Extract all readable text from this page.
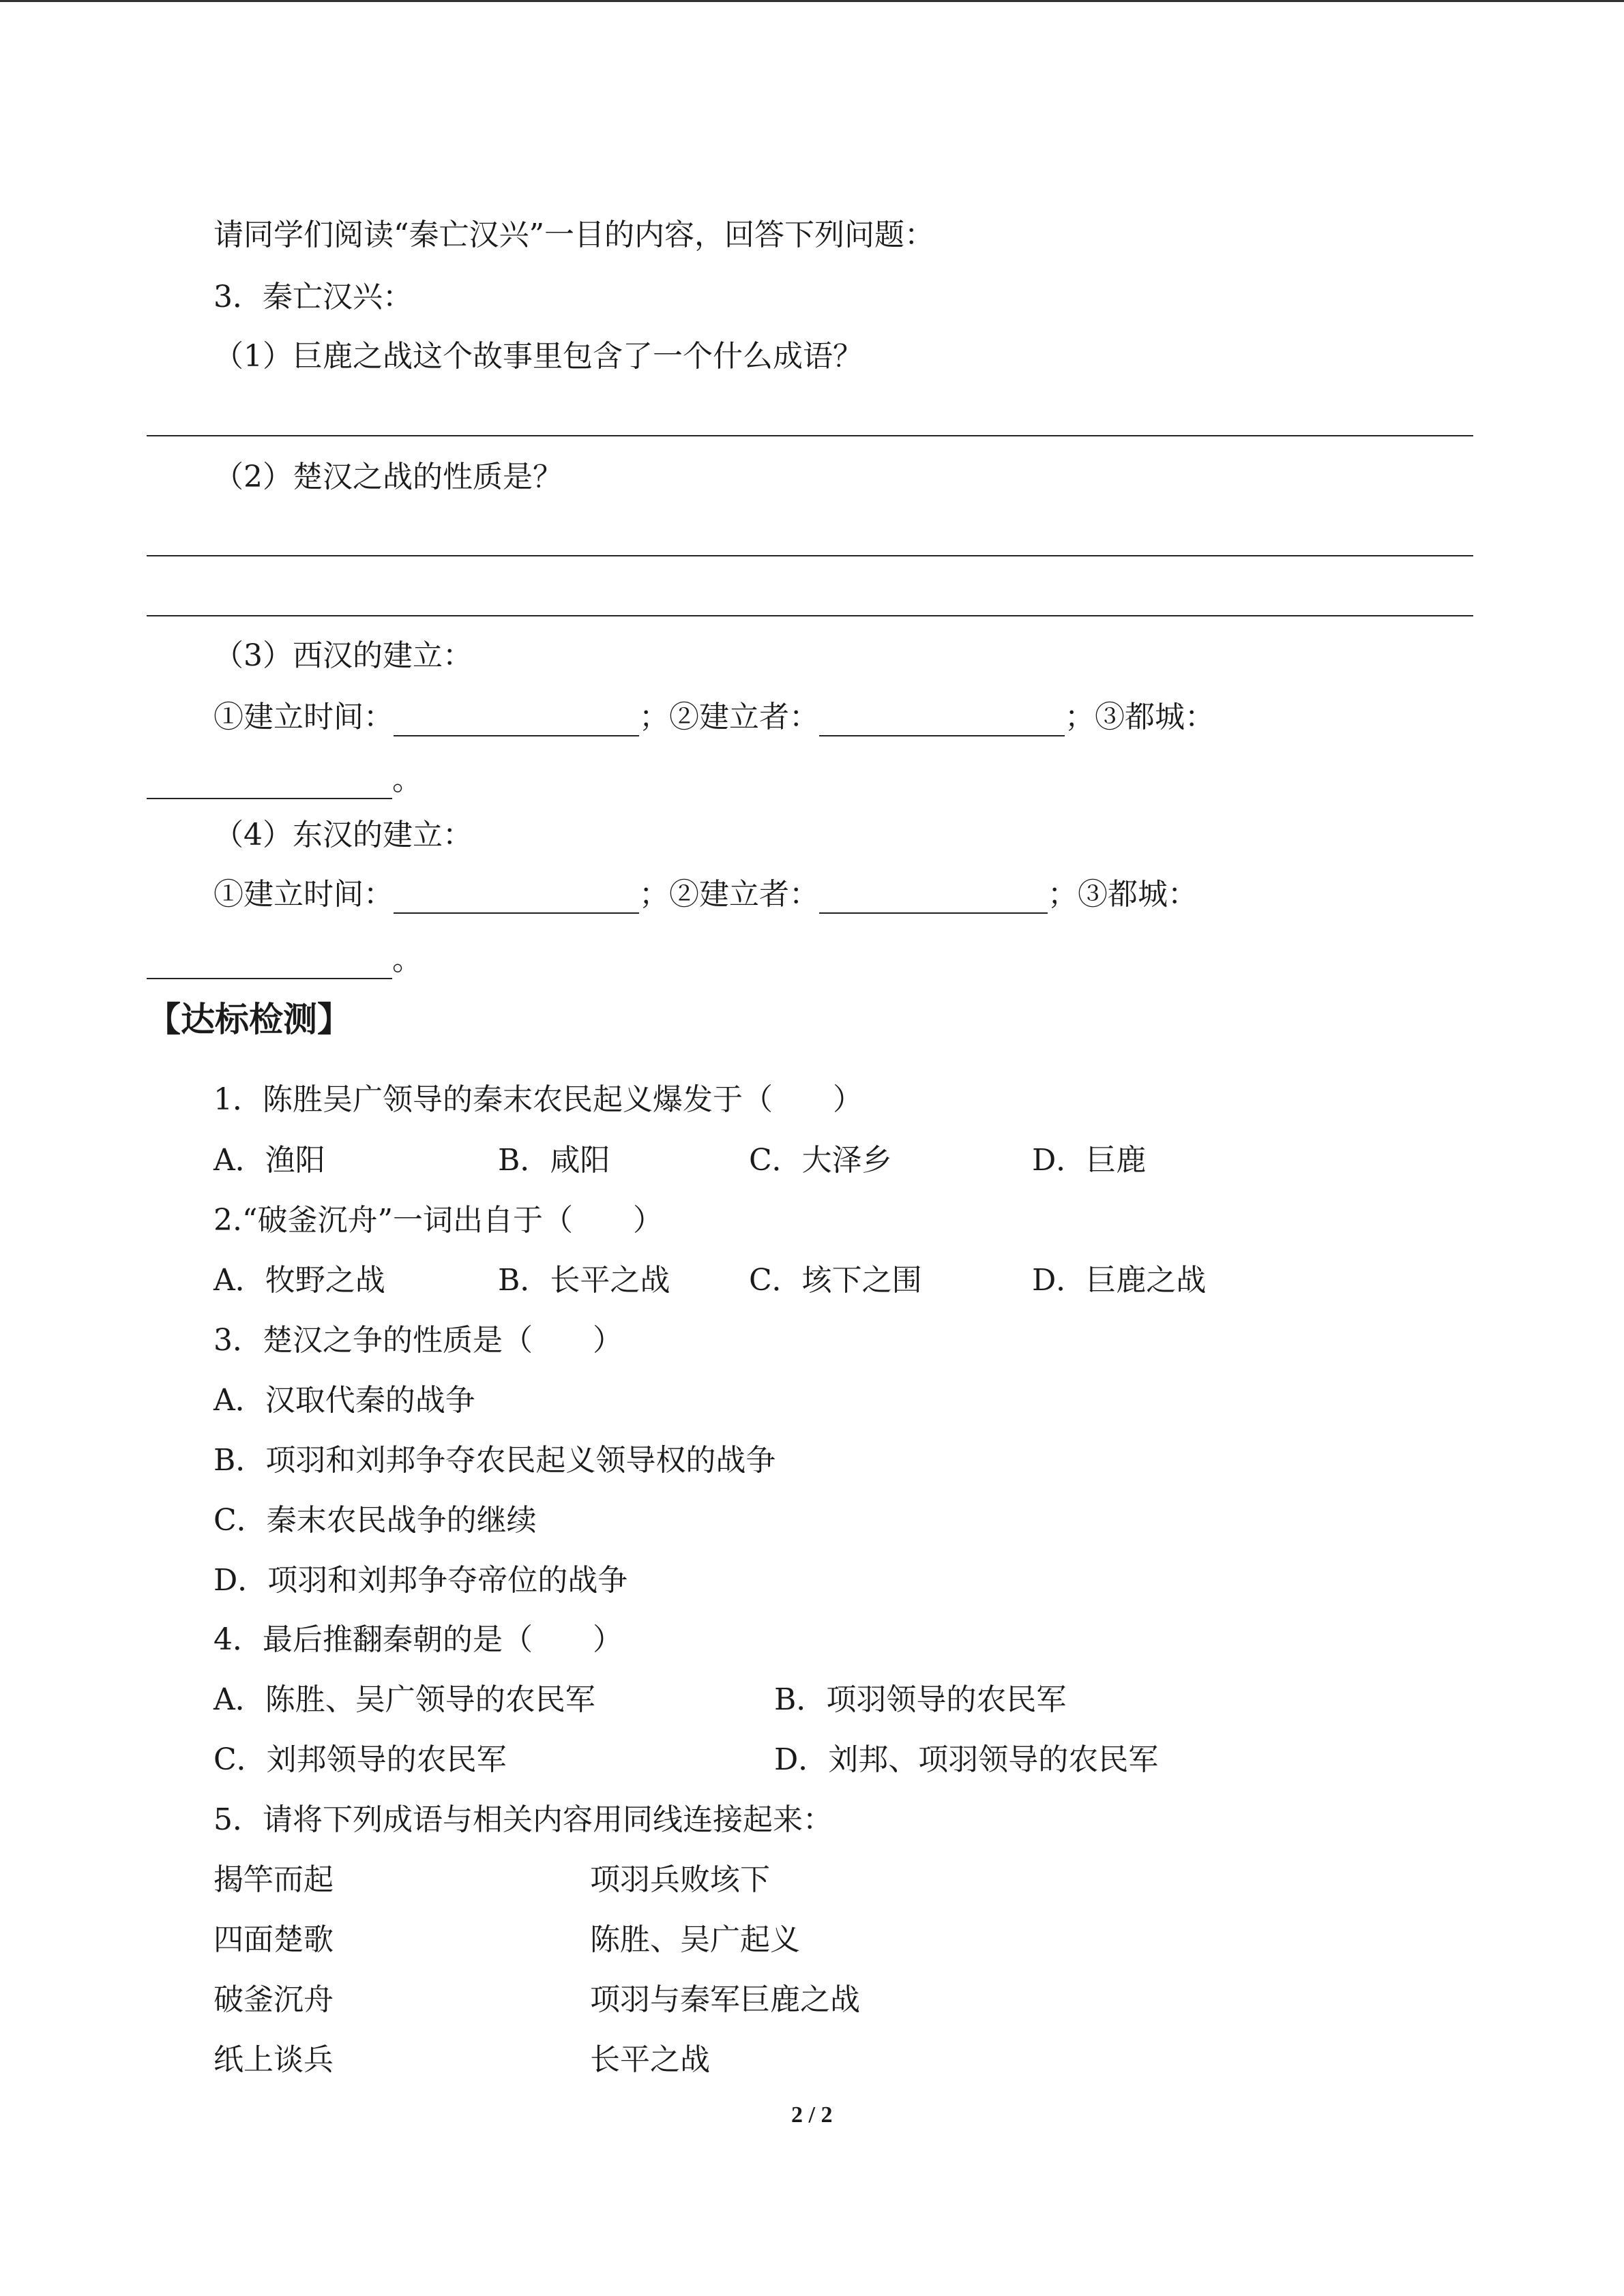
请同学们阅读“秦亡汉兴”一目的内容，回答下列问题：
3．秦亡汉兴：
（1）巨鹿之战这个故事里包含了一个什么成语？
（2）楚汉之战的性质是？
（3）西汉的建立：
①建立时间：	；②建立者：	；③都城：
。
（4）东汉的建立：
①建立时间：	；②建立者：	；③都城：
。
【达标检测】
1．陈胜吴广领导的秦末农民起义爆发于（　　）
A．渔阳	B．咸阳	C．大泽乡	D．巨鹿
2.“破釜沉舟”一词出自于（　　）
A．牧野之战	B．长平之战	C．垓下之围	D．巨鹿之战
3．楚汉之争的性质是（　　）
A．汉取代秦的战争
B．项羽和刘邦争夺农民起义领导权的战争
C．秦末农民战争的继续
D．项羽和刘邦争夺帝位的战争
4．最后推翻秦朝的是（　　）
A．陈胜、吴广领导的农民军	B．项羽领导的农民军
C．刘邦领导的农民军	D．刘邦、项羽领导的农民军
5．请将下列成语与相关内容用同线连接起来：
揭竿而起	项羽兵败垓下
四面楚歌	陈胜、吴广起义
破釜沉舟	项羽与秦军巨鹿之战
纸上谈兵	长平之战
2 / 2
